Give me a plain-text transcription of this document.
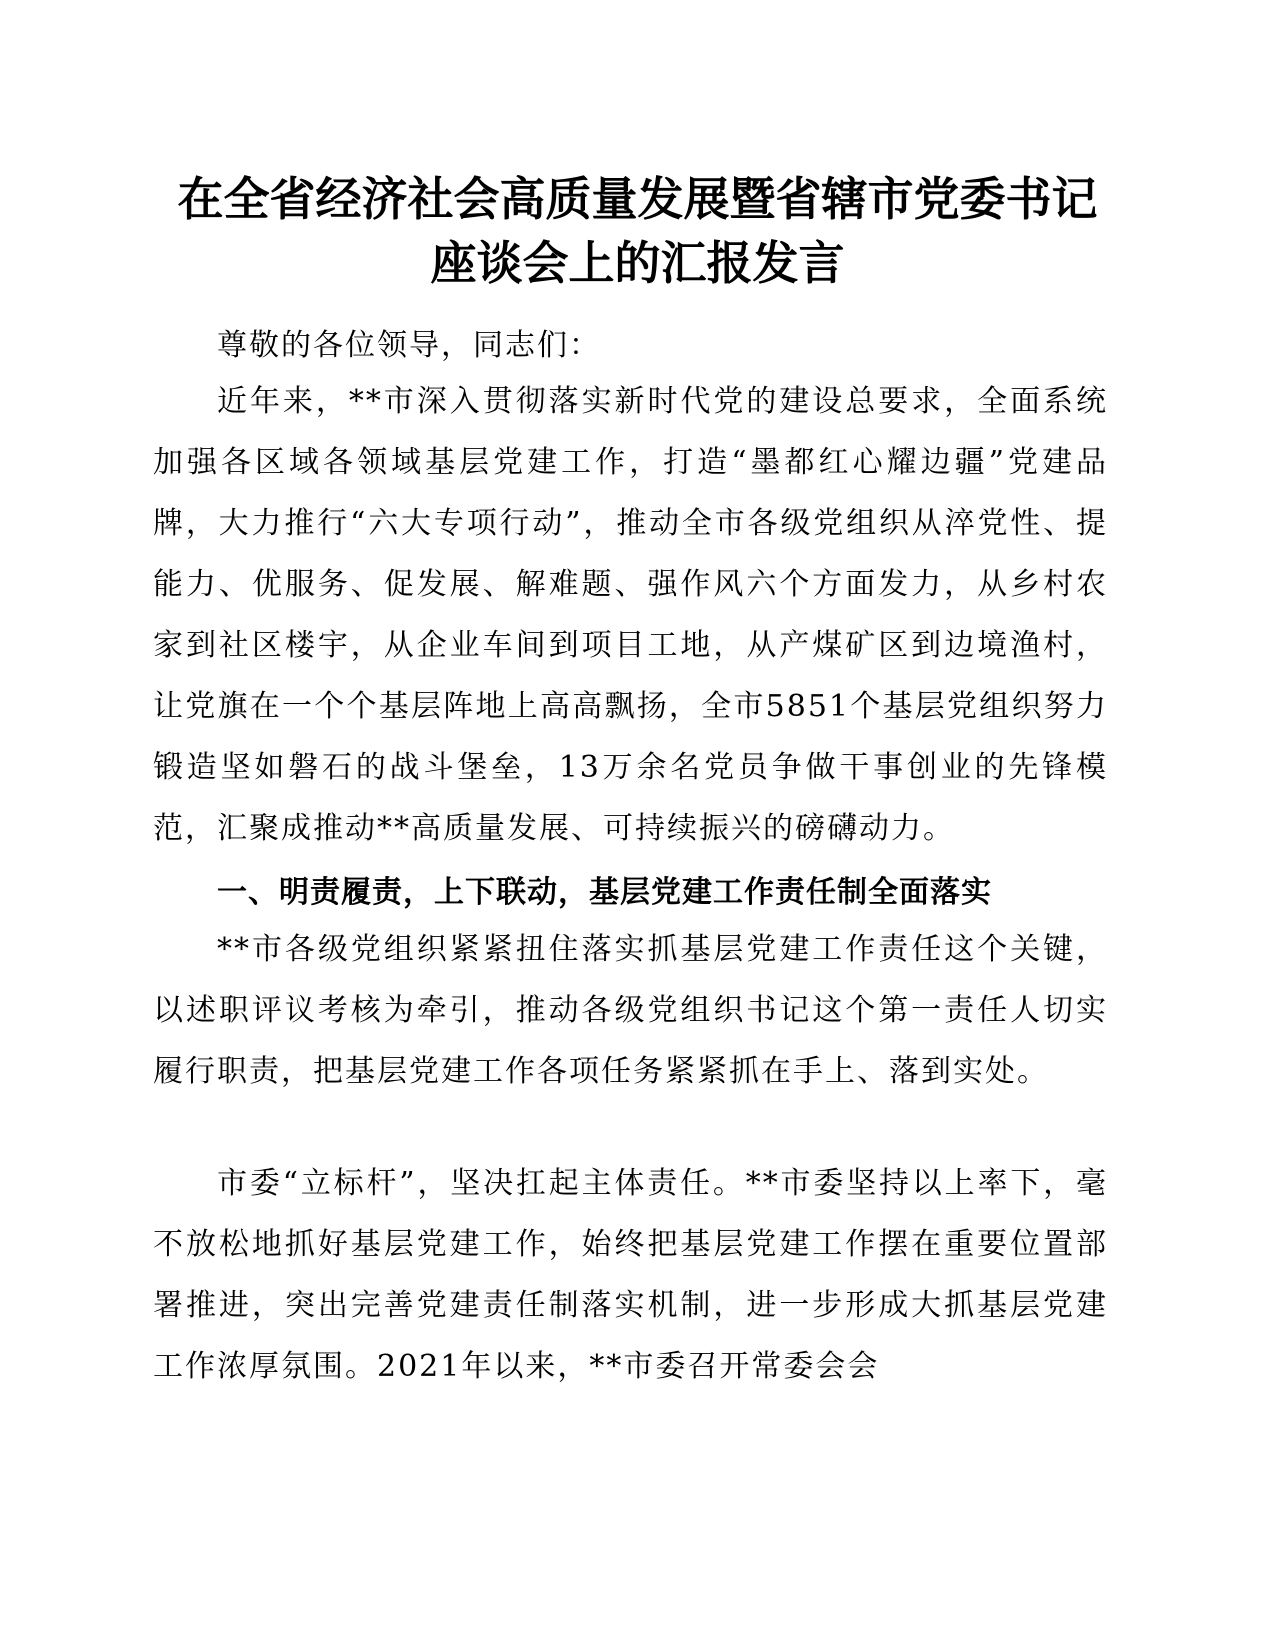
在全省经济社会高质量发展暨省辖市党委书记
座谈会上的汇报发言

尊敬的各位领导，同志们：

近年来，**市深入贯彻落实新时代党的建设总要求，全面系统加强各区域各领域基层党建工作，打造“墨都红心耀边疆”党建品牌，大力推行“六大专项行动”，推动全市各级党组织从淬党性、提能力、优服务、促发展、解难题、强作风六个方面发力，从乡村农家到社区楼宇，从企业车间到项目工地，从产煤矿区到边境渔村，让党旗在一个个基层阵地上高高飘扬，全市5851个基层党组织努力锻造坚如磐石的战斗堡垒，13万余名党员争做干事创业的先锋模范，汇聚成推动**高质量发展、可持续振兴的磅礴动力。

一、明责履责，上下联动，基层党建工作责任制全面落实

**市各级党组织紧紧扭住落实抓基层党建工作责任这个关键，以述职评议考核为牵引，推动各级党组织书记这个第一责任人切实履行职责，把基层党建工作各项任务紧紧抓在手上、落到实处。

市委“立标杆”，坚决扛起主体责任。**市委坚持以上率下，毫不放松地抓好基层党建工作，始终把基层党建工作摆在重要位置部署推进，突出完善党建责任制落实机制，进一步形成大抓基层党建工作浓厚氛围。2021年以来，**市委召开常委会会
